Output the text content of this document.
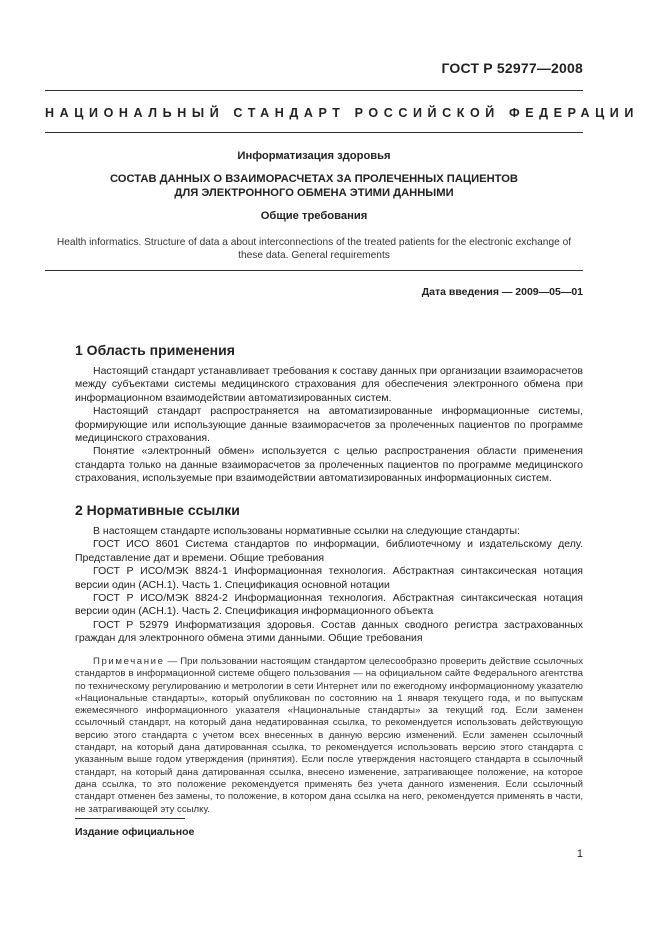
ГОСТ Р 52977—2008
НАЦИОНАЛЬНЫЙ СТАНДАРТ РОССИЙСКОЙ ФЕДЕРАЦИИ
Информатизация здоровья
СОСТАВ ДАННЫХ О ВЗАИМОРАСЧЕТАХ ЗА ПРОЛЕЧЕННЫХ ПАЦИЕНТОВ
ДЛЯ ЭЛЕКТРОННОГО ОБМЕНА ЭТИМИ ДАННЫМИ
Общие требования
Health informatics. Structure of data a about interconnections of the treated patients for the electronic exchange of these data. General requirements
Дата введения — 2009—05—01
1 Область применения

Настоящий стандарт устанавливает требования к составу данных при организации взаиморасчетов между субъектами системы медицинского страхования для обеспечения электронного обмена при информационном взаимодействии автоматизированных систем.

Настоящий стандарт распространяется на автоматизированные информационные системы, формирующие или использующие данные взаиморасчетов за пролеченных пациентов по программе медицинского страхования.

Понятие «электронный обмен» используется с целью распространения области применения стандарта только на данные взаиморасчетов за пролеченных пациентов по программе медицинского страхования, используемые при взаимодействии автоматизированных информационных систем.

2 Нормативные ссылки

В настоящем стандарте использованы нормативные ссылки на следующие стандарты:

ГОСТ ИСО 8601 Система стандартов по информации, библиотечному и издательскому делу. Представление дат и времени. Общие требования

ГОСТ Р ИСО/МЭК 8824-1 Информационная технология. Абстрактная синтаксическая нотация версии один (АСН.1). Часть 1. Спецификация основной нотации

ГОСТ Р ИСО/МЭК 8824-2 Информационная технология. Абстрактная синтаксическая нотация версии один (АСН.1). Часть 2. Спецификация информационного объекта

ГОСТ Р 52979 Информатизация здоровья. Состав данных сводного регистра застрахованных граждан для электронного обмена этими данными. Общие требования

Примечание — При пользовании настоящим стандартом целесообразно проверить действие ссылочных стандартов в информационной системе общего пользования — на официальном сайте Федерального агентства по техническому регулированию и метрологии в сети Интернет или по ежегодному информационному указателю «Национальные стандарты», который опубликован по состоянию на 1 января текущего года, и по выпускам ежемесячного информационного указателя «Национальные стандарты» за текущий год. Если заменен ссылочный стандарт, на который дана недатированная ссылка, то рекомендуется использовать действующую версию этого стандарта с учетом всех внесенных в данную версию изменений. Если заменен ссылочный стандарт, на который дана датированная ссылка, то рекомендуется использовать версию этого стандарта с указанным выше годом утверждения (принятия). Если после утверждения настоящего стандарта в ссылочный стандарт, на который дана датированная ссылка, внесено изменение, затрагивающее положение, на которое дана ссылка, то это положение рекомендуется применять без учета данного изменения. Если ссылочный стандарт отменен без замены, то положение, в котором дана ссылка на него, рекомендуется применять в части, не затрагивающей эту ссылку.
Издание официальное
1
